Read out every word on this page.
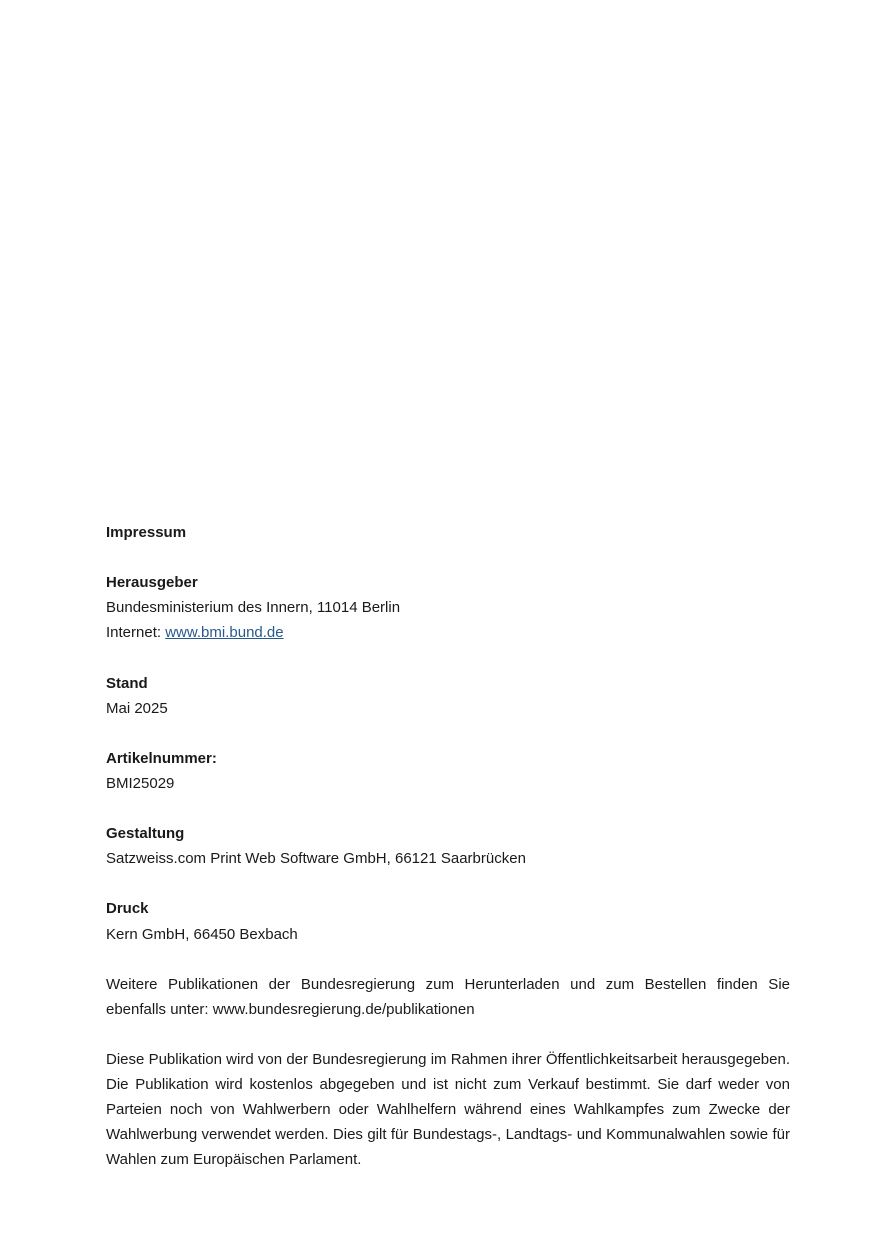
Impressum

Herausgeber

Bundesministerium des Innern, 11014 Berlin

Internet: www.bmi.bund.de

Stand

Mai 2025

Artikelnummer:

BMI25029

Gestaltung

Satzweiss.com Print Web Software GmbH, 66121 Saarbrücken

Druck

Kern GmbH, 66450 Bexbach

Weitere Publikationen der Bundesregierung zum Herunterladen und zum Bestellen finden Sie ebenfalls unter: www.bundesregierung.de/publikationen

Diese Publikation wird von der Bundesregierung im Rahmen ihrer Öffentlichkeitsarbeit herausgegeben. Die Publikation wird kostenlos abgegeben und ist nicht zum Verkauf bestimmt. Sie darf weder von Parteien noch von Wahlwerbern oder Wahlhelfern während eines Wahlkampfes zum Zwecke der Wahlwerbung verwendet werden. Dies gilt für Bundestags-, Landtags- und Kommunalwahlen sowie für Wahlen zum Europäischen Parlament.
